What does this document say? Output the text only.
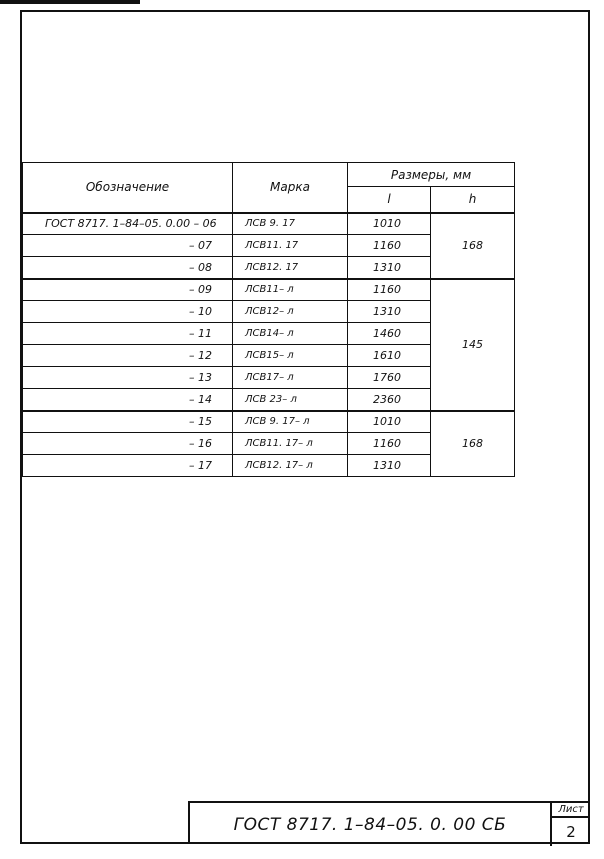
Обозначение	Марка	Размеры, мм	
		l	h
ГОСТ 8717. 1–84–05. 0.00 – 06	ЛСВ 9. 17	1010	168
– 07	ЛСВ11. 17	1160	
– 08	ЛСВ12. 17	1310	
– 09	ЛСВ11– л	1160	145
– 10	ЛСВ12– л	1310	
– 11	ЛСВ14– л	1460	
– 12	ЛСВ15– л	1610	
– 13	ЛСВ17– л	1760	
– 14	ЛСВ 23– л	2360	
– 15	ЛСВ 9. 17– л	1010	168
– 16	ЛСВ11. 17– л	1160	
– 17	ЛСВ12. 17– л	1310	
ГОСТ 8717. 1–84–05. 0. 00 СБ
Лист
2
